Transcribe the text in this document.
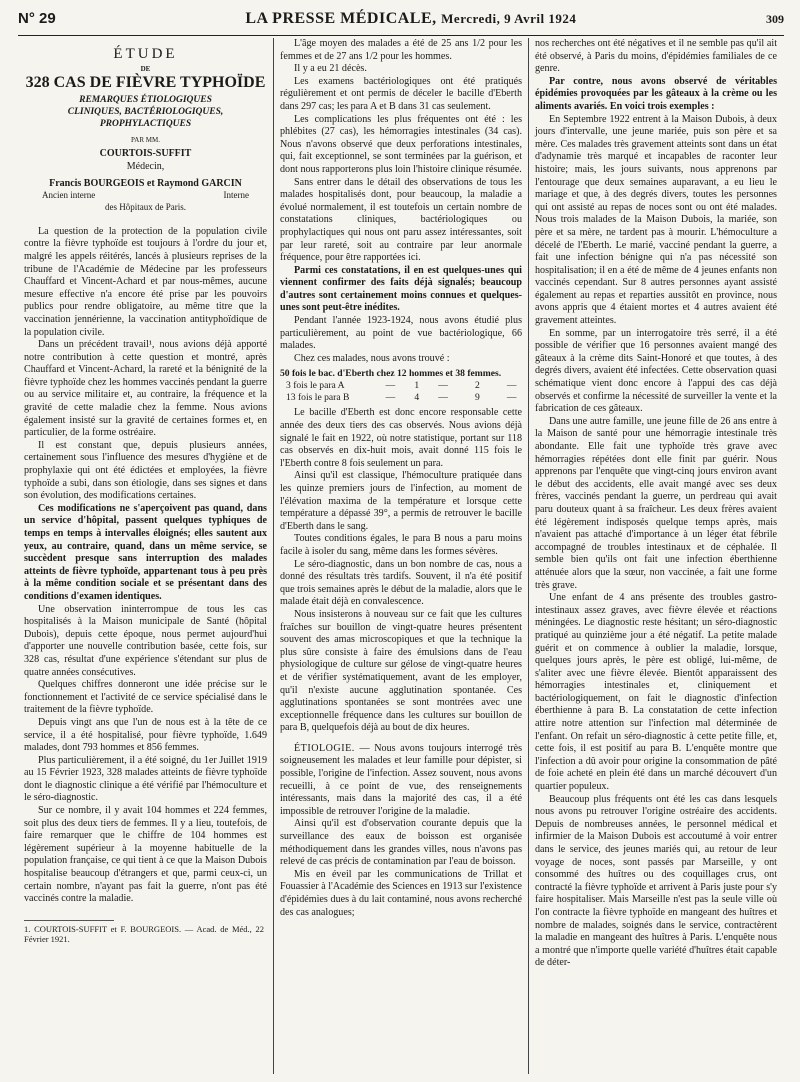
N° 29	LA PRESSE MÉDICALE, Mercredi, 9 Avril 1924	309
ÉTUDE
DE
328 CAS DE FIÈVRE TYPHOÏDE
REMARQUES ÉTIOLOGIQUES
CLINIQUES, BACTÉRIOLOGIQUES, PROPHYLACTIQUES
PAR MM.
COURTOIS-SUFFIT
Médecin,
Francis BOURGEOIS et Raymond GARCIN
Ancien interne	Interne
des Hôpitaux de Paris.

La question de la protection de la population civile contre la fièvre typhoïde est toujours à l'ordre du jour et, malgré les appels réitérés, lancés à plusieurs reprises de la tribune de l'Académie de Médecine par les professeurs Chauffard et Vincent-Achard et par nous-mêmes, aucune mesure effective n'a encore été prise par les pouvoirs publics pour rendre obligatoire, au même titre que la vaccination jennérienne, la vaccination antityphoïdique de la population civile.

Dans un précédent travail¹, nous avions déjà apporté notre contribution à cette question et montré, après Chauffard et Vincent-Achard, la rareté et la bénignité de la fièvre typhoïde chez les hommes vaccinés pendant la guerre ou au service militaire et, au contraire, la fréquence et la gravité de cette maladie chez la femme. Nous avions également insisté sur la gravité de certaines formes et, en particulier, de la forme ostréaire.

Il est constant que, depuis plusieurs années, certainement sous l'influence des mesures d'hygiène et de prophylaxie qui ont été édictées et employées, la fièvre typhoïde a subi, dans son étiologie, dans ses signes et dans son évolution, des modifications certaines.

Ces modifications ne s'aperçoivent pas quand, dans un service d'hôpital, passent quelques typhiques de temps en temps à intervalles éloignés; elles sautent aux yeux, au contraire, quand, dans un même service, se succèdent presque sans interruption des malades atteints de fièvre typhoïde, appartenant tous à peu près à la même condition sociale et se présentant dans des conditions d'examen identiques.

Une observation ininterrompue de tous les cas hospitalisés à la Maison municipale de Santé (hôpital Dubois), depuis cette époque, nous permet aujourd'hui d'apporter une nouvelle contribution basée, cette fois, sur 328 cas, résultat d'une expérience s'étendant sur plus de quatre années consécutives.

Quelques chiffres donneront une idée précise sur le fonctionnement et l'activité de ce service spécialisé dans le traitement de la fièvre typhoïde.

Depuis vingt ans que l'un de nous est à la tête de ce service, il a été hospitalisé, pour fièvre typhoïde, 1.649 malades, dont 793 hommes et 856 femmes.

Plus particulièrement, il a été soigné, du 1er Juillet 1919 au 15 Février 1923, 328 malades atteints de fièvre typhoïde dont le diagnostic clinique a été vérifié par l'hémoculture et le séro-diagnostic.

Sur ce nombre, il y avait 104 hommes et 224 femmes, soit plus des deux tiers de femmes. Il y a lieu, toutefois, de faire remarquer que le chiffre de 104 hommes est légèrement supérieur à la moyenne habituelle de la population française, ce qui tient à ce que la Maison Dubois hospitalise beaucoup d'étrangers et que, parmi ceux-ci, un certain nombre, n'ayant pas fait la guerre, n'ont pas été vaccinés contre la maladie.

1. COURTOIS-SUFFIT et F. BOURGEOIS. — Acad. de Méd., 22 Février 1921.

L'âge moyen des malades a été de 25 ans 1/2 pour les femmes et de 27 ans 1/2 pour les hommes.

Il y a eu 21 décès.

Les examens bactériologiques ont été pratiqués régulièrement et ont permis de déceler le bacille d'Eberth dans 297 cas; les para A et B dans 31 cas seulement.

Les complications les plus fréquentes ont été : les phlébites (27 cas), les hémorragies intestinales (34 cas). Nous n'avons observé que deux perforations intestinales, qui, fait exceptionnel, se sont terminées par la guérison, et dont nous rapporterons plus loin l'histoire clinique résumée.

Sans entrer dans le détail des observations de tous les malades hospitalisés dont, pour beaucoup, la maladie a évolué normalement, il est toutefois un certain nombre de constatations cliniques, bactériologiques ou prophylactiques qui nous ont paru assez intéressantes, soit par leur rareté, soit au contraire par leur anormale fréquence, pour être rapportées ici.

Parmi ces constatations, il en est quelques-unes qui viennent confirmer des faits déjà signalés; beaucoup d'autres sont certainement moins connues et quelques-unes sont peut-être inédites.

Pendant l'année 1923-1924, nous avons étudié plus particulièrement, au point de vue bactériologique, 66 malades.

Chez ces malades, nous avons trouvé :

50 fois le bac. d'Eberth chez 12 hommes et 38 femmes.
3 fois le para A	—	1	—	2	—
13 fois le para B	—	4	—	9	—

Le bacille d'Eberth est donc encore responsable cette année des deux tiers des cas observés. Nous avions déjà signalé le fait en 1922, où notre statistique, portant sur 118 cas observés en dix-huit mois, avait donné 115 fois le l'Eberth contre 8 fois seulement un para.

Ainsi qu'il est classique, l'hémoculture pratiquée dans les quinze premiers jours de l'infection, au moment de l'élévation maxima de la température et lorsque cette température a dépassé 39°, a permis de retrouver le bacille d'Eberth dans le sang.

Toutes conditions égales, le para B nous a paru moins facile à isoler du sang, même dans les formes sévères.

Le séro-diagnostic, dans un bon nombre de cas, nous a donné des résultats très tardifs. Souvent, il n'a été positif que trois semaines après le début de la maladie, alors que le malade était déjà en convalescence.

Nous insisterons à nouveau sur ce fait que les cultures fraîches sur bouillon de vingt-quatre heures présentent souvent des amas microscopiques et que la technique la plus sûre consiste à faire des émulsions dans de l'eau physiologique de culture sur gélose de vingt-quatre heures et de vérifier systématiquement, avant de les employer, qu'il n'existe aucune agglutination spontanée. Ces agglutinations spontanées se sont montrées avec une exceptionnelle fréquence dans les cultures sur bouillon de para B, quelquefois déjà au bout de dix heures.

ÉTIOLOGIE. — Nous avons toujours interrogé très soigneusement les malades et leur famille pour dépister, si possible, l'origine de l'infection. Assez souvent, nous avons recueilli, à ce point de vue, des renseignements intéressants, mais dans la majorité des cas, il a été impossible de retrouver l'origine de la maladie.

Ainsi qu'il est d'observation courante depuis que la surveillance des eaux de boisson est organisée méthodiquement dans les grandes villes, nous n'avons pas relevé de cas précis de contamination par l'eau de boisson.

Mis en éveil par les communications de Trillat et Fouassier à l'Académie des Sciences en 1913 sur l'existence d'épidémies dues à du lait contaminé, nous avons recherché des cas analogues;

nos recherches ont été négatives et il ne semble pas qu'il ait été observé, à Paris du moins, d'épidémies familiales de ce genre.

Par contre, nous avons observé de véritables épidémies provoquées par les gâteaux à la crème ou les aliments avariés. En voici trois exemples :

En Septembre 1922 entrent à la Maison Dubois, à deux jours d'intervalle, une jeune mariée, puis son père et sa mère. Ces malades très gravement atteints sont dans un état d'adynamie très marqué et incapables de raconter leur histoire; mais, les jours suivants, nous apprenons par l'entourage que deux semaines auparavant, a eu lieu le mariage et que, à des degrés divers, toutes les personnes qui ont assisté au repas de noces sont ou ont été malades. Nous trois malades de la Maison Dubois, la mariée, son père et sa mère, ne tardent pas à mourir. L'hémoculture a décelé de l'Eberth. Le marié, vacciné pendant la guerre, a fait une infection bénigne qui n'a pas nécessité son hospitalisation; il en a été de même de 4 jeunes enfants non vaccinés cependant. Sur 8 autres personnes ayant assisté également au repas et reparties aussitôt en province, nous avons appris que 4 étaient mortes et 4 autres avaient été gravement atteintes.

En somme, par un interrogatoire très serré, il a été possible de vérifier que 16 personnes avaient mangé des gâteaux à la crème dits Saint-Honoré et que toutes, à des degrés divers, avaient été infectées. Cette observation quasi schématique vient donc encore à l'appui des cas déjà observés et confirme la nécessité de surveiller la vente et la fabrication de ces gâteaux.

Dans une autre famille, une jeune fille de 26 ans entre à la Maison de santé pour une hémorragie intestinale très abondante. Elle fait une typhoïde très grave avec hémorragies répétées dont elle finit par guérir. Nous apprenons par l'enquête que vingt-cinq jours environ avant le début des accidents, elle avait mangé avec ses deux frères, vaccinés pendant la guerre, un perdreau qui avait paru douteux quant à sa fraîcheur. Les deux frères avaient été légèrement indisposés quelque temps après, mais n'avaient pas attaché d'importance à un léger état fébrile accompagné de troubles intestinaux et de céphalée. Il semble bien qu'ils ont fait une infection éberthienne atténuée alors que la sœur, non vaccinée, a fait une forme très grave.

Une enfant de 4 ans présente des troubles gastro-intestinaux assez graves, avec fièvre élevée et réactions méningées. Le diagnostic reste hésitant; un séro-diagnostic pratiqué au quinzième jour a été négatif. La petite malade guérit et on commence à oublier la maladie, lorsque, quelques jours après, le père est obligé, lui-même, de s'aliter avec une fièvre élevée. Bientôt apparaissent des hémorragies intestinales et, cliniquement et bactériologiquement, on fait le diagnostic d'infection éberthienne à para B. La constatation de cette infection attire notre attention sur l'infection mal déterminée de l'enfant. On refait un séro-diagnostic à cette petite fille, et, cette fois, il est positif au para B. L'enquête montre que l'infection a dû avoir pour origine la consommation de pâté de foie acheté en plein été dans un marché découvert d'un quartier populeux.

Beaucoup plus fréquents ont été les cas dans lesquels nous avons pu retrouver l'origine ostréaire des accidents. Depuis de nombreuses années, le personnel médical et infirmier de la Maison Dubois est accoutumé à voir entrer dans le service, des jeunes mariés qui, au retour de leur voyage de noces, sont passés par Marseille, y ont consommé des huîtres ou des coquillages crus, ont contracté la fièvre typhoïde et arrivent à Paris juste pour s'y faire hospitaliser. Mais Marseille n'est pas la seule ville où l'on contracte la fièvre typhoïde en mangeant des huîtres et nombre de malades, soignés dans le service, contractèrent la maladie en mangeant des huîtres à Paris. L'enquête nous a montré que n'importe quelle variété d'huîtres était capable de déter-
